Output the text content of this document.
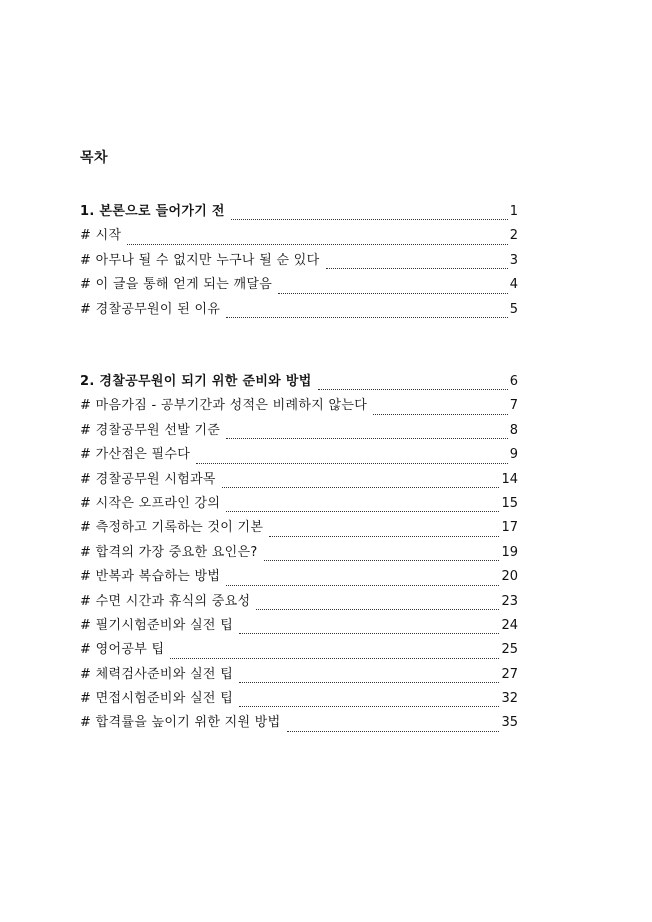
목차
1. 본론으로 들어가기 전	1
# 시작	2
# 아무나 될 수 없지만 누구나 될 순 있다	3
# 이 글을 통해 얻게 되는 깨달음	4
# 경찰공무원이 된 이유	5
2. 경찰공무원이 되기 위한 준비와 방법	6
# 마음가짐 - 공부기간과 성적은 비례하지 않는다	7
# 경찰공무원 선발 기준	8
# 가산점은 필수다	9
# 경찰공무원 시험과목	14
# 시작은 오프라인 강의	15
# 측정하고 기록하는 것이 기본	17
# 합격의 가장 중요한 요인은?	19
# 반복과 복습하는 방법	20
# 수면 시간과 휴식의 중요성	23
# 필기시험준비와 실전 팁	24
# 영어공부 팁	25
# 체력검사준비와 실전 팁	27
# 면접시험준비와 실전 팁	32
# 합격률을 높이기 위한 지원 방법	35
